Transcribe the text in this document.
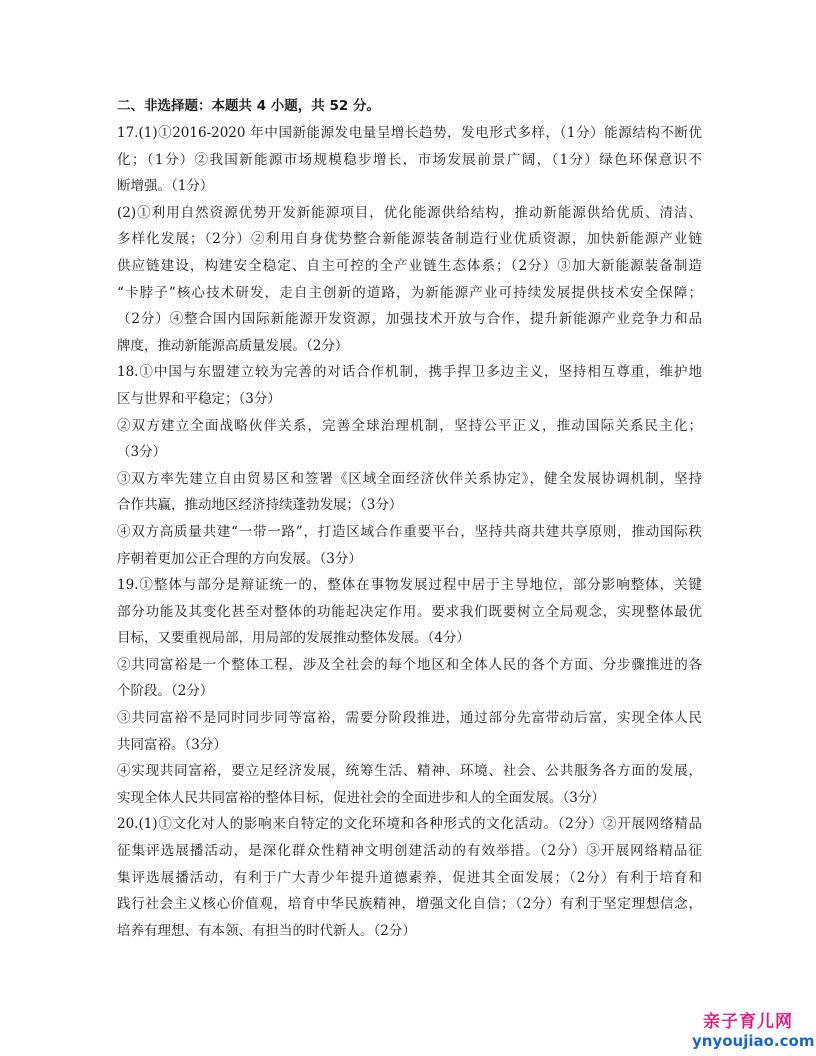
二、非选择题：本题共 4 小题，共 52 分。

17.(1)①2016-2020 年中国新能源发电量呈增长趋势，发电形式多样，（1分）能源结构不断优

化；（1分）②我国新能源市场规模稳步增长，市场发展前景广阔，（1分）绿色环保意识不

断增强。（1分）

(2)①利用自然资源优势开发新能源项目，优化能源供给结构，推动新能源供给优质、清洁、

多样化发展；（2分）②利用自身优势整合新能源装备制造行业优质资源，加快新能源产业链

供应链建设，构建安全稳定、自主可控的全产业链生态体系；（2分）③加大新能源装备制造

“卡脖子”核心技术研发，走自主创新的道路，为新能源产业可持续发展提供技术安全保障；

（2分）④整合国内国际新能源开发资源，加强技术开放与合作，提升新能源产业竞争力和品

牌度，推动新能源高质量发展。（2分）

18.①中国与东盟建立较为完善的对话合作机制，携手捍卫多边主义，坚持相互尊重，维护地

区与世界和平稳定；（3分）

②双方建立全面战略伙伴关系，完善全球治理机制，坚持公平正义，推动国际关系民主化；

（3分）

③双方率先建立自由贸易区和签署《区域全面经济伙伴关系协定》，健全发展协调机制，坚持

合作共赢，推动地区经济持续蓬勃发展；（3分）

④双方高质量共建“一带一路”，打造区域合作重要平台，坚持共商共建共享原则，推动国际秩

序朝着更加公正合理的方向发展。（3分）

19.①整体与部分是辩证统一的，整体在事物发展过程中居于主导地位，部分影响整体，关键

部分功能及其变化甚至对整体的功能起决定作用。要求我们既要树立全局观念，实现整体最优

目标，又要重视局部，用局部的发展推动整体发展。（4分）

②共同富裕是一个整体工程，涉及全社会的每个地区和全体人民的各个方面、分步骤推进的各

个阶段。（2分）

③共同富裕不是同时同步同等富裕，需要分阶段推进，通过部分先富带动后富，实现全体人民

共同富裕。（3分）

④实现共同富裕，要立足经济发展，统筹生活、精神、环境、社会、公共服务各方面的发展，

实现全体人民共同富裕的整体目标，促进社会的全面进步和人的全面发展。（3分）

20.(1)①文化对人的影响来自特定的文化环境和各种形式的文化活动。（2分）②开展网络精品

征集评选展播活动，是深化群众性精神文明创建活动的有效举措。（2分）③开展网络精品征

集评选展播活动，有利于广大青少年提升道德素养，促进其全面发展；（2分）有利于培育和

践行社会主义核心价值观，培育中华民族精神，增强文化自信；（2分）有利于坚定理想信念，

培养有理想、有本领、有担当的时代新人。（2分）

亲子育儿网
ynyoujiao.com
